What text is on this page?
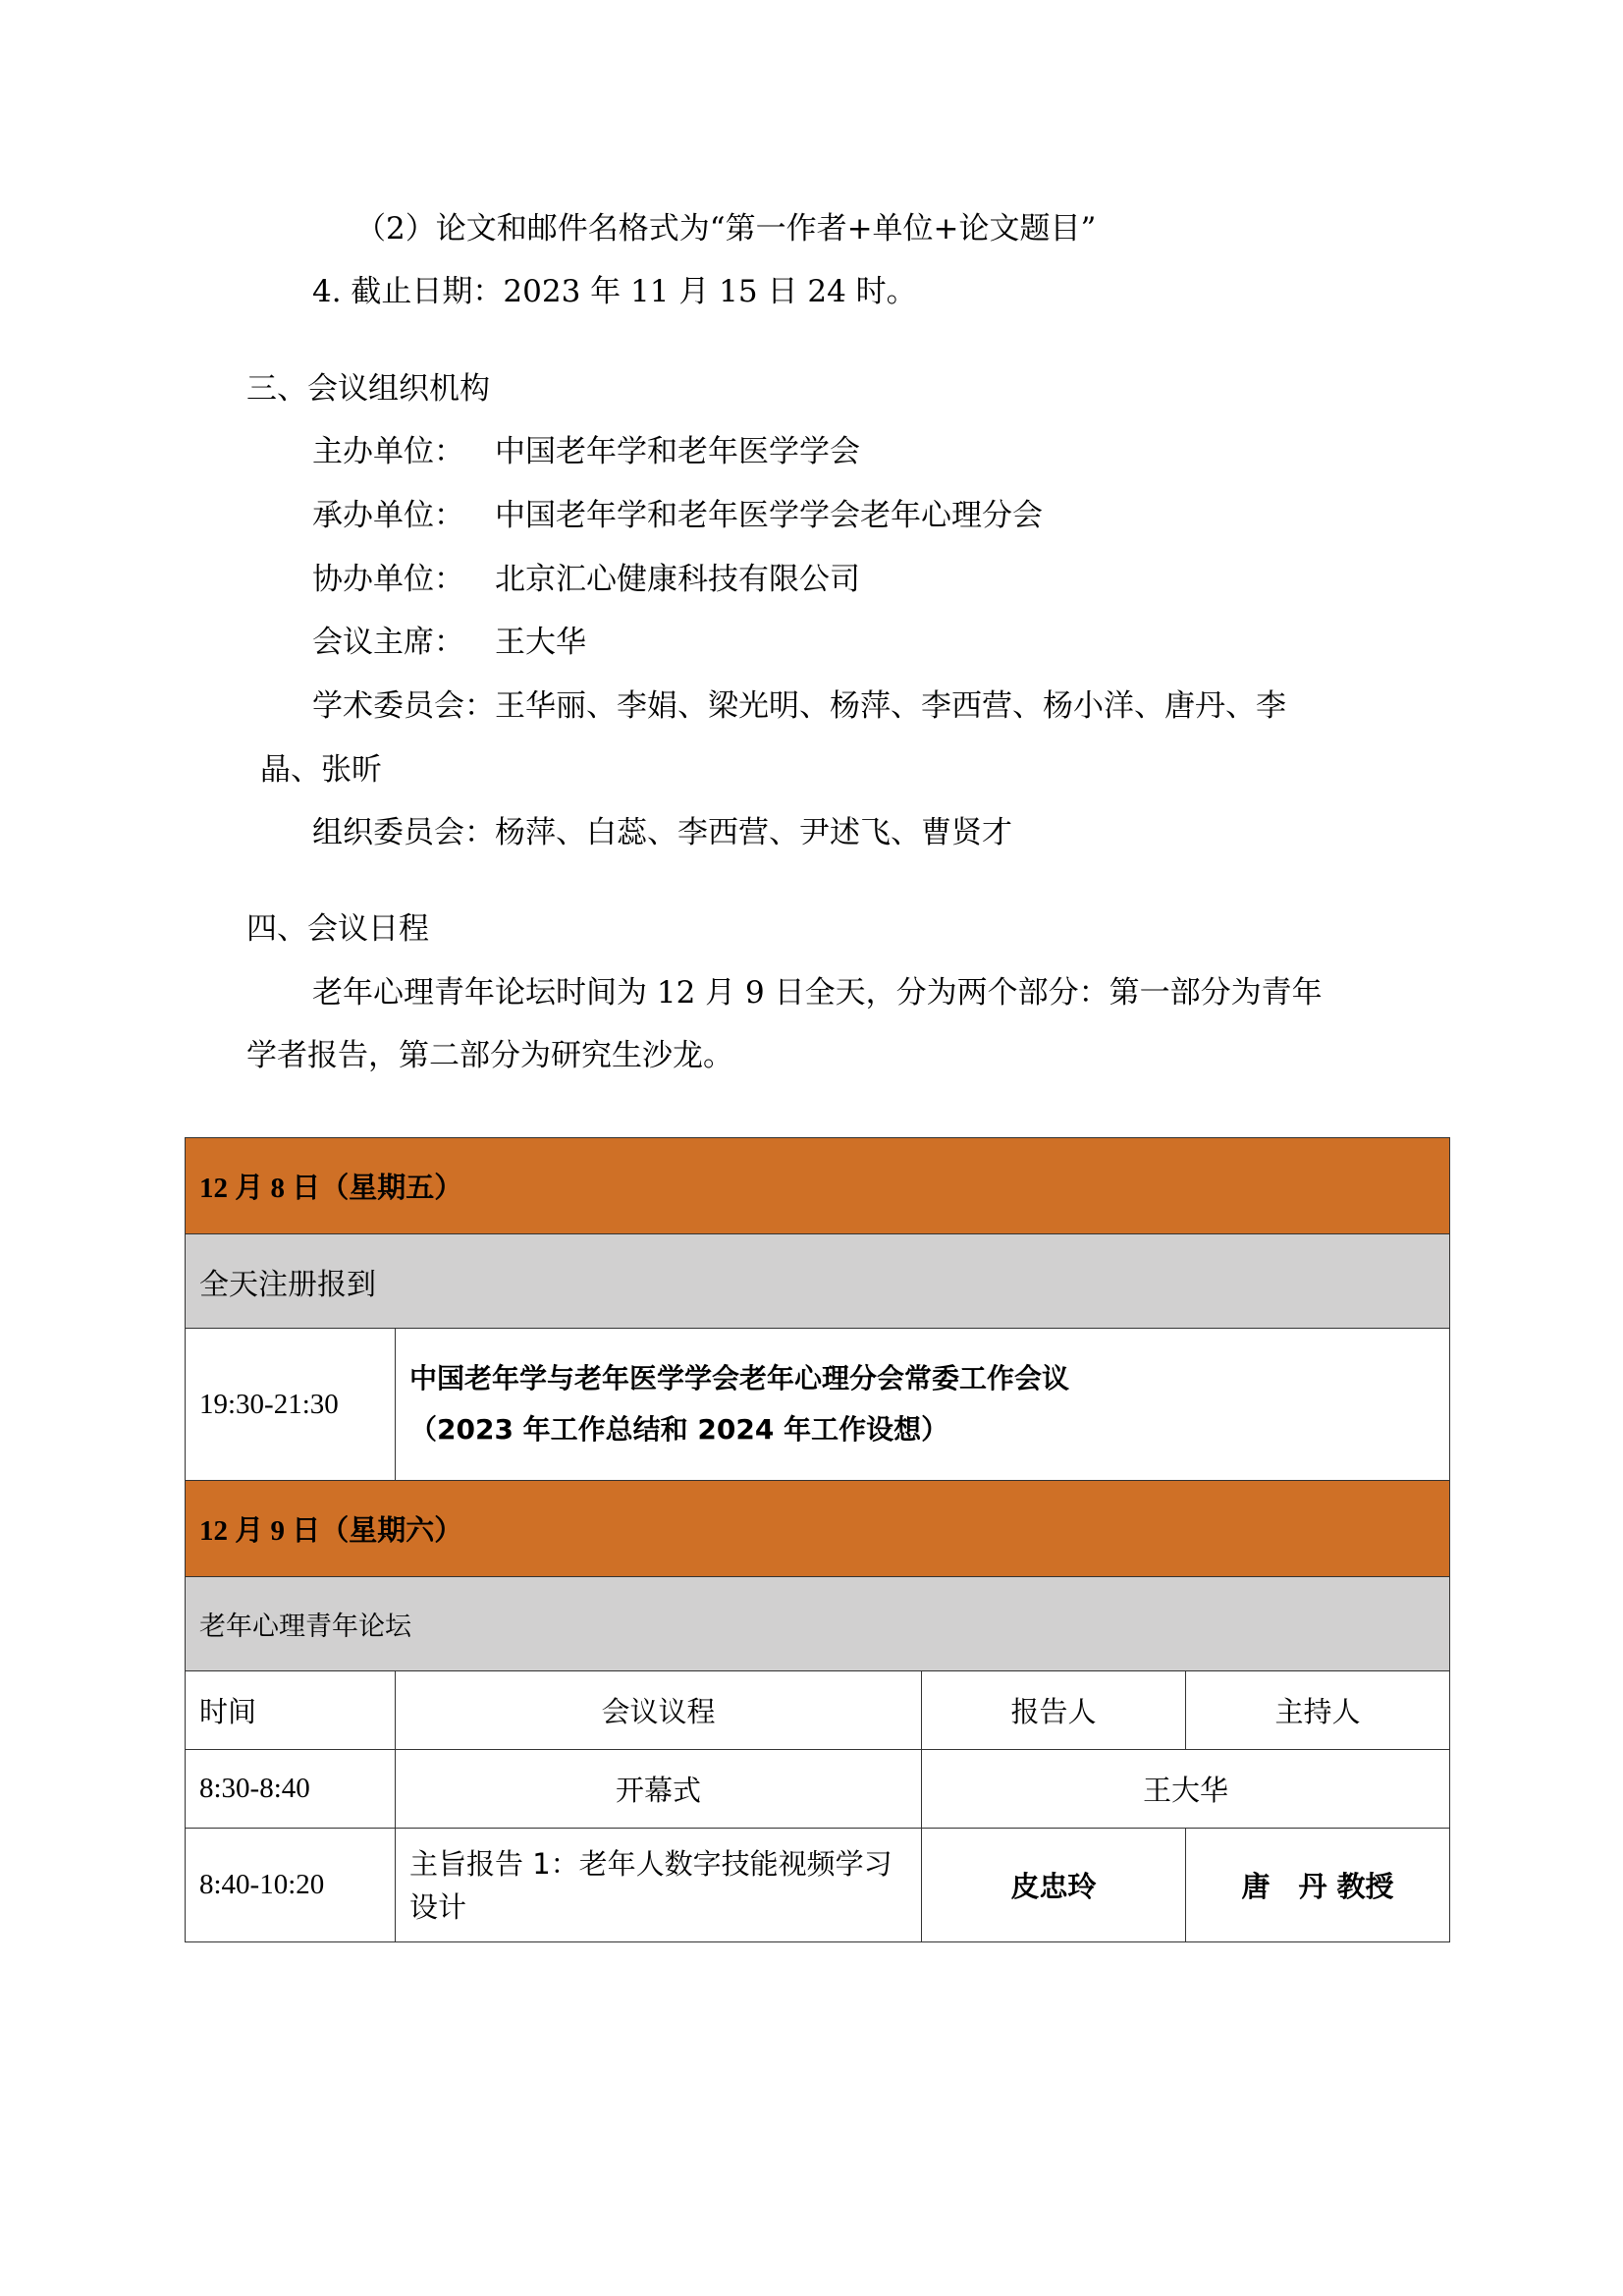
（2）论文和邮件名格式为“第一作者+单位+论文题目”
4. 截止日期：2023 年 11 月 15 日 24 时。
三、会议组织机构
主办单位： 中国老年学和老年医学学会
承办单位： 中国老年学和老年医学学会老年心理分会
协办单位： 北京汇心健康科技有限公司
会议主席： 王大华
学术委员会：王华丽、李娟、梁光明、杨萍、李西营、杨小洋、唐丹、李
晶、张昕
组织委员会：杨萍、白蕊、李西营、尹述飞、曹贤才
四、会议日程
老年心理青年论坛时间为 12 月 9 日全天，分为两个部分：第一部分为青年
学者报告，第二部分为研究生沙龙。
12 月 8 日（星期五）			
全天注册报到			
19:30-21:30	中国老年学与老年医学学会老年心理分会常委工作会议
（2023 年工作总结和 2024 年工作设想）		

12 月 9 日（星期六）			
老年心理青年论坛			
时间	会议议程	报告人	主持人
8:30-8:40	开幕式	王大华	
8:40-10:20	主旨报告 1：老年人数字技能视频学习
设计	皮忠玲	唐　丹 教授
